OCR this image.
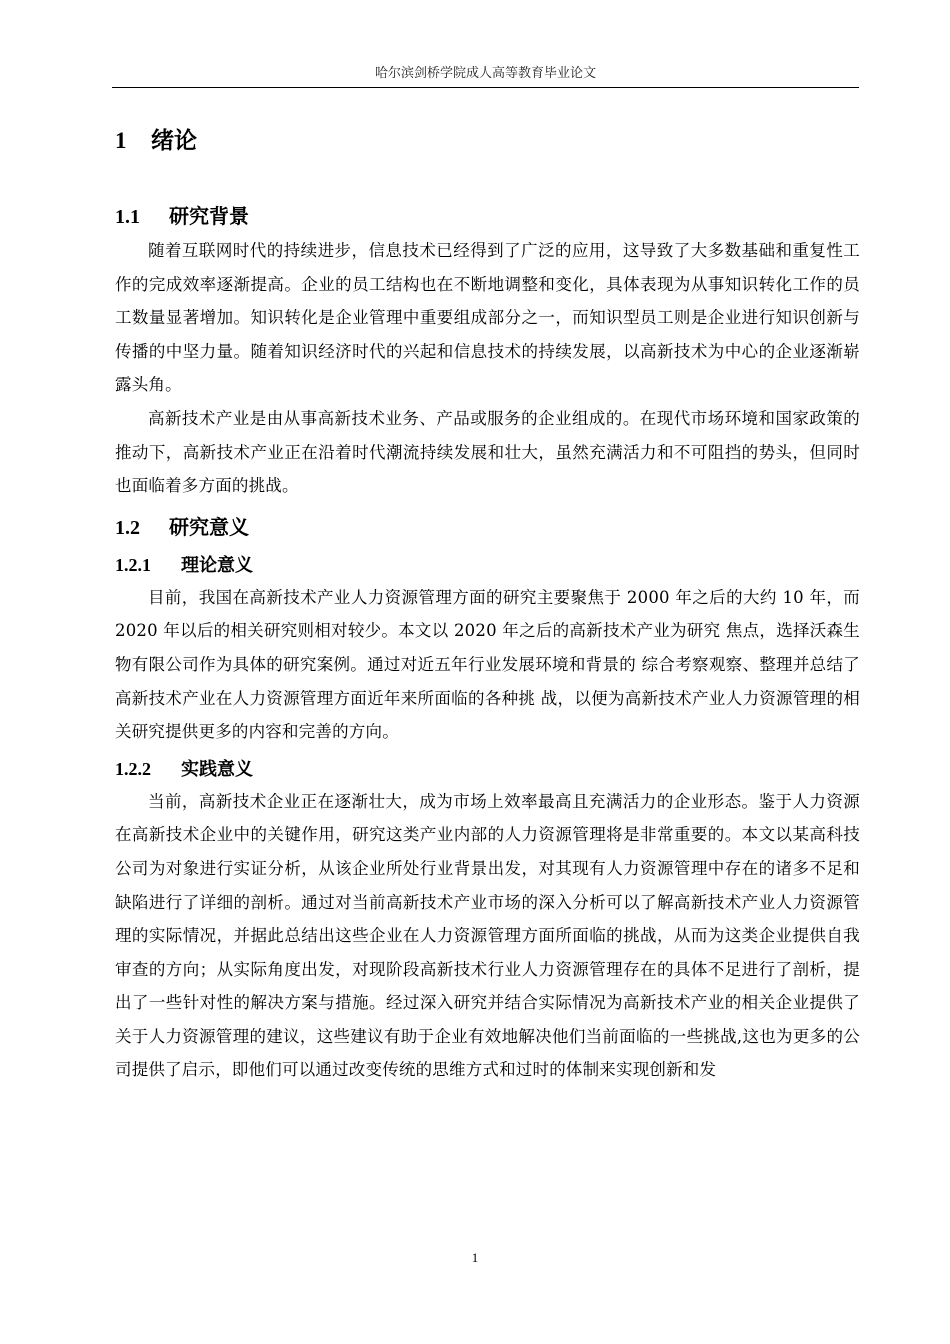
哈尔滨剑桥学院成人高等教育毕业论文
1 绪论
1.1 研究背景

随着互联网时代的持续进步，信息技术已经得到了广泛的应用，这导致了大多数基础和重复性工作的完成效率逐渐提高。企业的员工结构也在不断地调整和变化，具体表现为从事知识转化工作的员工数量显著增加。知识转化是企业管理中重要组成部分之一，而知识型员工则是企业进行知识创新与传播的中坚力量。随着知识经济时代的兴起和信息技术的持续发展，以高新技术为中心的企业逐渐崭露头角。

高新技术产业是由从事高新技术业务、产品或服务的企业组成的。在现代市场环境和国家政策的推动下，高新技术产业正在沿着时代潮流持续发展和壮大，虽然充满活力和不可阻挡的势头，但同时也面临着多方面的挑战。

1.2 研究意义
1.2.1 理论意义

目前，我国在高新技术产业人力资源管理方面的研究主要聚焦于 2000 年之后的大约 10 年，而 2020 年以后的相关研究则相对较少。本文以 2020 年之后的高新技术产业为研究 焦点，选择沃森生物有限公司作为具体的研究案例。通过对近五年行业发展环境和背景的 综合考察观察、整理并总结了高新技术产业在人力资源管理方面近年来所面临的各种挑 战，以便为高新技术产业人力资源管理的相关研究提供更多的内容和完善的方向。

1.2.2 实践意义

当前，高新技术企业正在逐渐壮大，成为市场上效率最高且充满活力的企业形态。鉴于人力资源在高新技术企业中的关键作用，研究这类产业内部的人力资源管理将是非常重要的。本文以某高科技公司为对象进行实证分析，从该企业所处行业背景出发，对其现有人力资源管理中存在的诸多不足和缺陷进行了详细的剖析。通过对当前高新技术产业市场的深入分析可以了解高新技术产业人力资源管理的实际情况，并据此总结出这些企业在人力资源管理方面所面临的挑战，从而为这类企业提供自我审查的方向；从实际角度出发，对现阶段高新技术行业人力资源管理存在的具体不足进行了剖析，提出了一些针对性的解决方案与措施。经过深入研究并结合实际情况为高新技术产业的相关企业提供了关于人力资源管理的建议，这些建议有助于企业有效地解决他们当前面临的一些挑战,这也为更多的公司提供了启示，即他们可以通过改变传统的思维方式和过时的体制来实现创新和发

1
